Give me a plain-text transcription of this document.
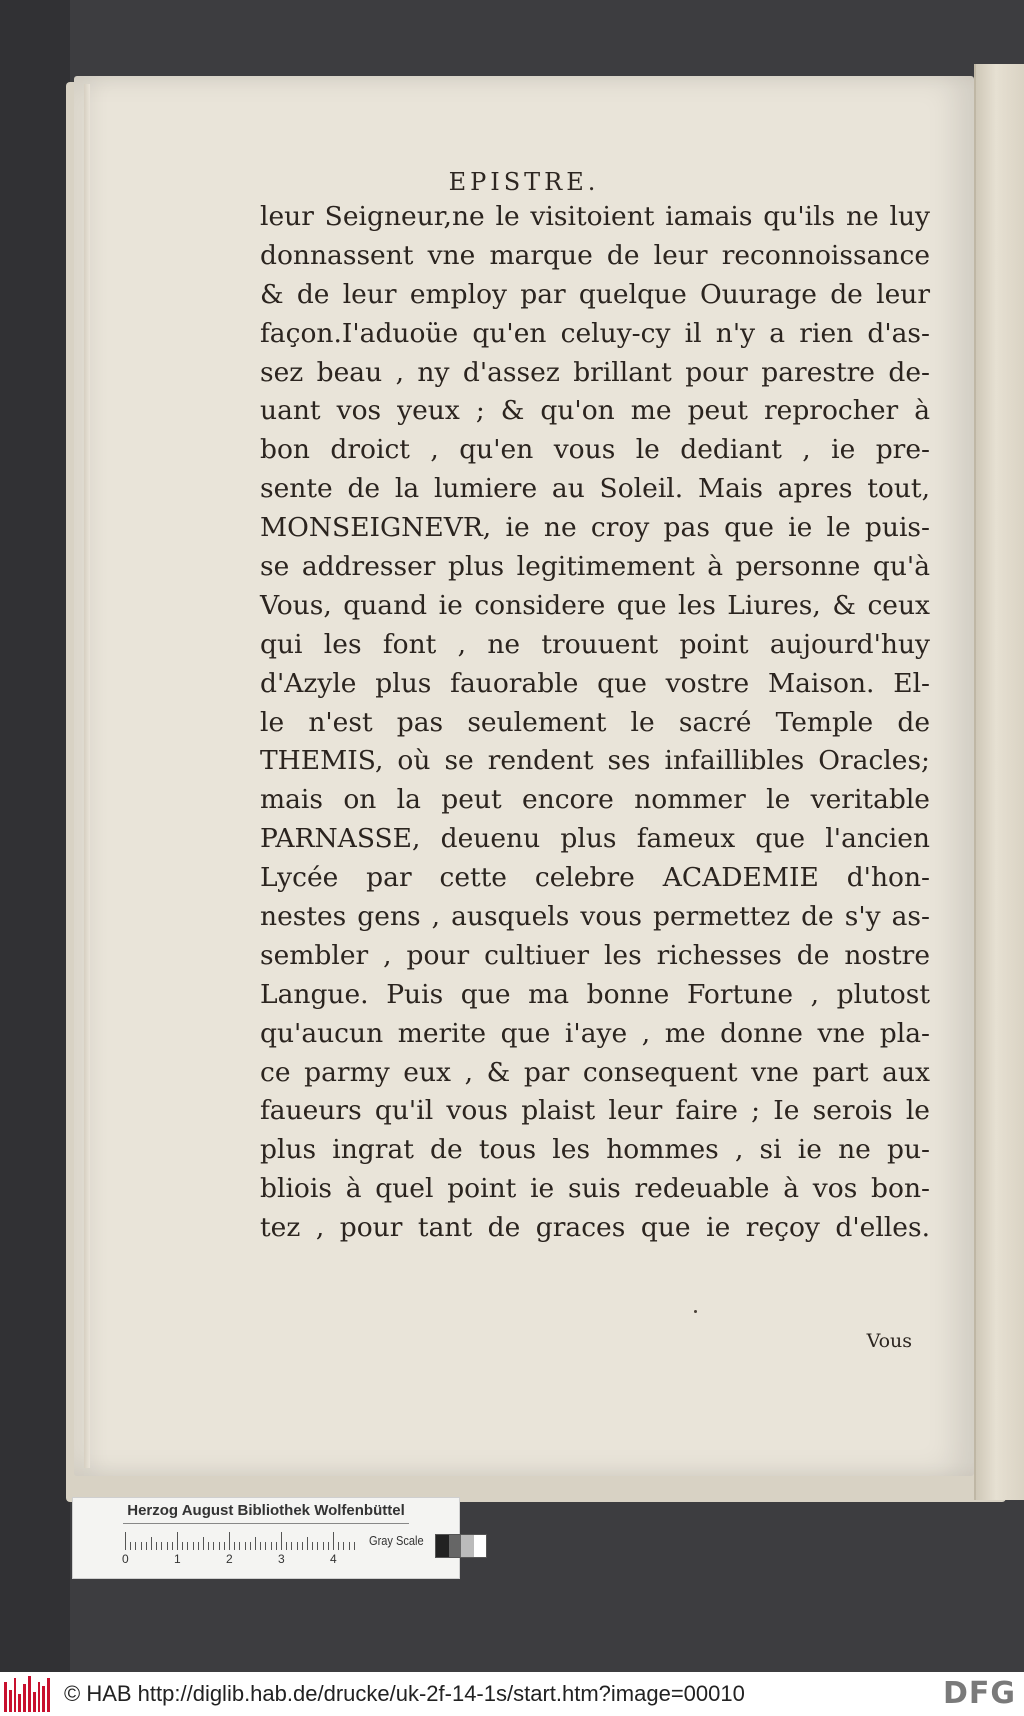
EPISTRE.
leur Seigneur,ne le visitoient iamais qu'ils ne luy
donnassent vne marque de leur reconnoissance
& de leur employ par quelque Ouurage de leur
façon.I'aduoüe qu'en celuy-cy il n'y a rien d'as-
sez beau , ny d'assez brillant pour parestre de-
uant vos yeux ; & qu'on me peut reprocher à
bon droict , qu'en vous le dediant , ie pre-
sente de la lumiere au Soleil. Mais apres tout,
MONSEIGNEVR, ie ne croy pas que ie le puis-
se addresser plus legitimement à personne qu'à
Vous, quand ie considere que les Liures, & ceux
qui les font , ne trouuent point aujourd'huy
d'Azyle plus fauorable que vostre Maison. El-
le n'est pas seulement le sacré Temple de
THEMIS, où se rendent ses infaillibles Oracles;
mais on la peut encore nommer le veritable
PARNASSE, deuenu plus fameux que l'ancien
Lycée par cette celebre ACADEMIE d'hon-
nestes gens , ausquels vous permettez de s'y as-
sembler , pour cultiuer les richesses de nostre
Langue. Puis que ma bonne Fortune , plutost
qu'aucun merite que i'aye , me donne vne pla-
ce parmy eux , & par consequent vne part aux
faueurs qu'il vous plaist leur faire ; Ie serois le
plus ingrat de tous les hommes , si ie ne pu-
bliois à quel point ie suis redeuable à vos bon-
tez , pour tant de graces que ie reçoy d'elles.
Vous
Herzog August Bibliothek Wolfenbüttel
0	1	2	3	4
Gray Scale
© HAB http://diglib.hab.de/drucke/uk-2f-14-1s/start.htm?image=00010	DFG
